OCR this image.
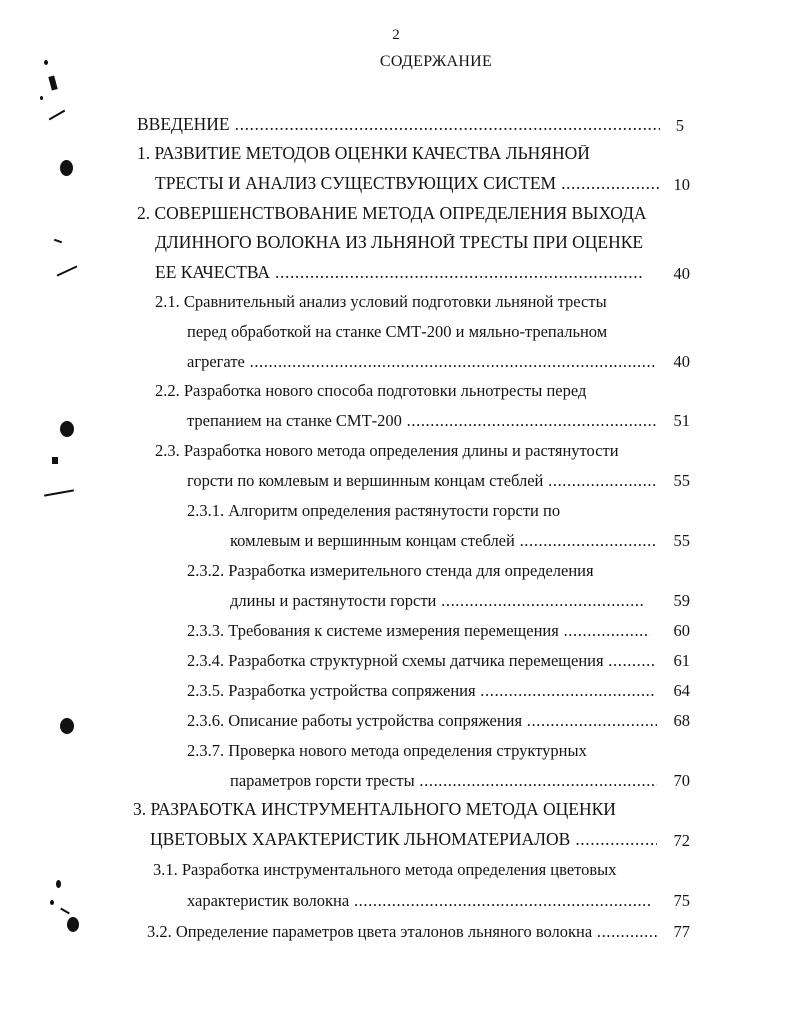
2
СОДЕРЖАНИЕ
ВВЕДЕНИЕ .....	5
1. РАЗВИТИЕ МЕТОДОВ ОЦЕНКИ КАЧЕСТВА ЛЬНЯНОЙ
ТРЕСТЫ И АНАЛИЗ СУЩЕСТВУЮЩИХ СИСТЕМ .....	10
2. СОВЕРШЕНСТВОВАНИЕ МЕТОДА ОПРЕДЕЛЕНИЯ ВЫХОДА
ДЛИННОГО ВОЛОКНА ИЗ ЛЬНЯНОЙ ТРЕСТЫ ПРИ ОЦЕНКЕ
ЕЕ КАЧЕСТВА .....	40
2.1. Сравнительный анализ условий подготовки льняной тресты
перед обработкой на станке СМТ-200 и мяльно-трепальном
агрегате .....	40
2.2. Разработка нового способа подготовки льнотресты перед
трепанием на станке СМТ-200 .....	51
2.3. Разработка нового метода определения длины и растянутости
горсти по комлевым и вершинным концам стеблей .....	55
2.3.1. Алгоритм определения растянутости горсти по
комлевым и вершинным концам стеблей .....	55
2.3.2. Разработка измерительного стенда для определения
длины и растянутости горсти .....	59
2.3.3. Требования к системе измерения перемещения .....	60
2.3.4. Разработка структурной схемы датчика перемещения .....	61
2.3.5. Разработка устройства сопряжения .....	64
2.3.6. Описание работы устройства сопряжения .....	68
2.3.7. Проверка нового метода определения структурных
параметров горсти тресты .....	70
3. РАЗРАБОТКА ИНСТРУМЕНТАЛЬНОГО МЕТОДА ОЦЕНКИ
ЦВЕТОВЫХ ХАРАКТЕРИСТИК ЛЬНОМАТЕРИАЛОВ .....	72
3.1. Разработка инструментального метода определения цветовых
характеристик волокна .....	75
3.2. Определение параметров цвета эталонов льняного волокна .....	77
